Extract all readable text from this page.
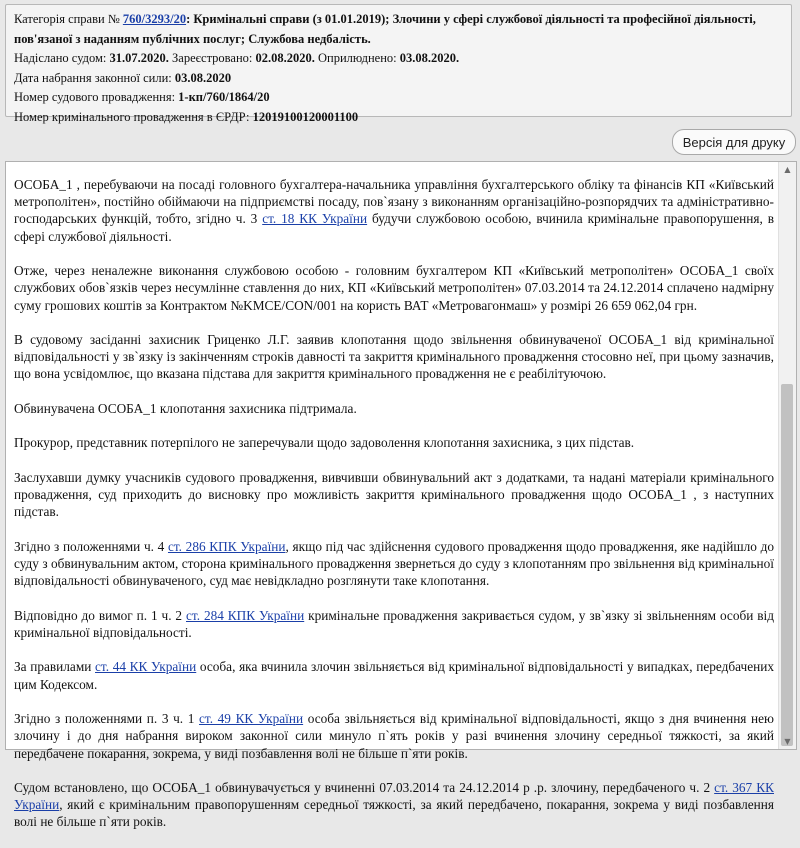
Категорія справи № 760/3293/20: Кримінальні справи (з 01.01.2019); Злочини у сфері службової діяльності та професійної діяльності, пов'язаної з наданням публічних послуг; Службова недбалість.
Надіслано судом: 31.07.2020. Зареєстровано: 02.08.2020. Оприлюднено: 03.08.2020.
Дата набрання законної сили: 03.08.2020
Номер судового провадження: 1-кп/760/1864/20
Номер кримінального провадження в ЄРДР: 12019100120001100
Версія для друку

ОСОБА_1 , перебуваючи на посаді головного бухгалтера-начальника управління бухгалтерського обліку та фінансів КП «Київський метрополітен», постійно обіймаючи на підприємстві посаду, пов`язану з виконанням організаційно-розпорядчих та адміністративно-господарських функцій, тобто, згідно ч. 3 ст. 18 КК України будучи службовою особою, вчинила кримінальне правопорушення, в сфері службової діяльності.

Отже, через неналежне виконання службовою особою - головним бухгалтером КП «Київський метрополітен» ОСОБА_1 своїх службових обов`язків через несумлінне ставлення до них, КП «Київський метрополітен» 07.03.2014 та 24.12.2014 сплачено надмірну суму грошових коштів за Контрактом №KMCE/CON/001 на користь ВАТ «Метровагонмаш» у розмірі 26 659 062,04 грн.

В судовому засіданні захисник Гриценко Л.Г. заявив клопотання щодо звільнення обвинуваченої ОСОБА_1 від кримінальної відповідальності у зв`язку із закінченням строків давності та закриття кримінального провадження стосовно неї, при цьому зазначив, що вона усвідомлює, що вказана підстава для закриття кримінального провадження не є реабілітуючою.

Обвинувачена ОСОБА_1 клопотання захисника підтримала.

Прокурор, представник потерпілого не заперечували щодо задоволення клопотання захисника, з цих підстав.

Заслухавши думку учасників судового провадження, вивчивши обвинувальний акт з додатками, та надані матеріали кримінального провадження, суд приходить до висновку про можливість закриття кримінального провадження щодо ОСОБА_1 , з наступних підстав.

Згідно з положеннями ч. 4 ст. 286 КПК України, якщо під час здійснення судового провадження щодо провадження, яке надійшло до суду з обвинувальним актом, сторона кримінального провадження звернеться до суду з клопотанням про звільнення від кримінальної відповідальності обвинуваченого, суд має невідкладно розглянути таке клопотання.

Відповідно до вимог п. 1 ч. 2 ст. 284 КПК України кримінальне провадження закривається судом, у зв`язку зі звільненням особи від кримінальної відповідальності.

За правилами ст. 44 КК України особа, яка вчинила злочин звільняється від кримінальної відповідальності у випадках, передбачених цим Кодексом.

Згідно з положеннями п. 3 ч. 1 ст. 49 КК України особа звільняється від кримінальної відповідальності, якщо з дня вчинення нею злочину і до дня набрання вироком законної сили минуло п`ять років у разі вчинення злочину середньої тяжкості, за який передбачене покарання, зокрема, у виді позбавлення волі не більше п`яти років.

Судом встановлено, що ОСОБА_1 обвинувачується у вчиненні 07.03.2014 та 24.12.2014 р .р. злочину, передбаченого ч. 2 ст. 367 КК України, який є кримінальним правопорушенням середньої тяжкості, за який передбачено, покарання, зокрема у виді позбавлення волі не більше п`яти років.

▲
▼
